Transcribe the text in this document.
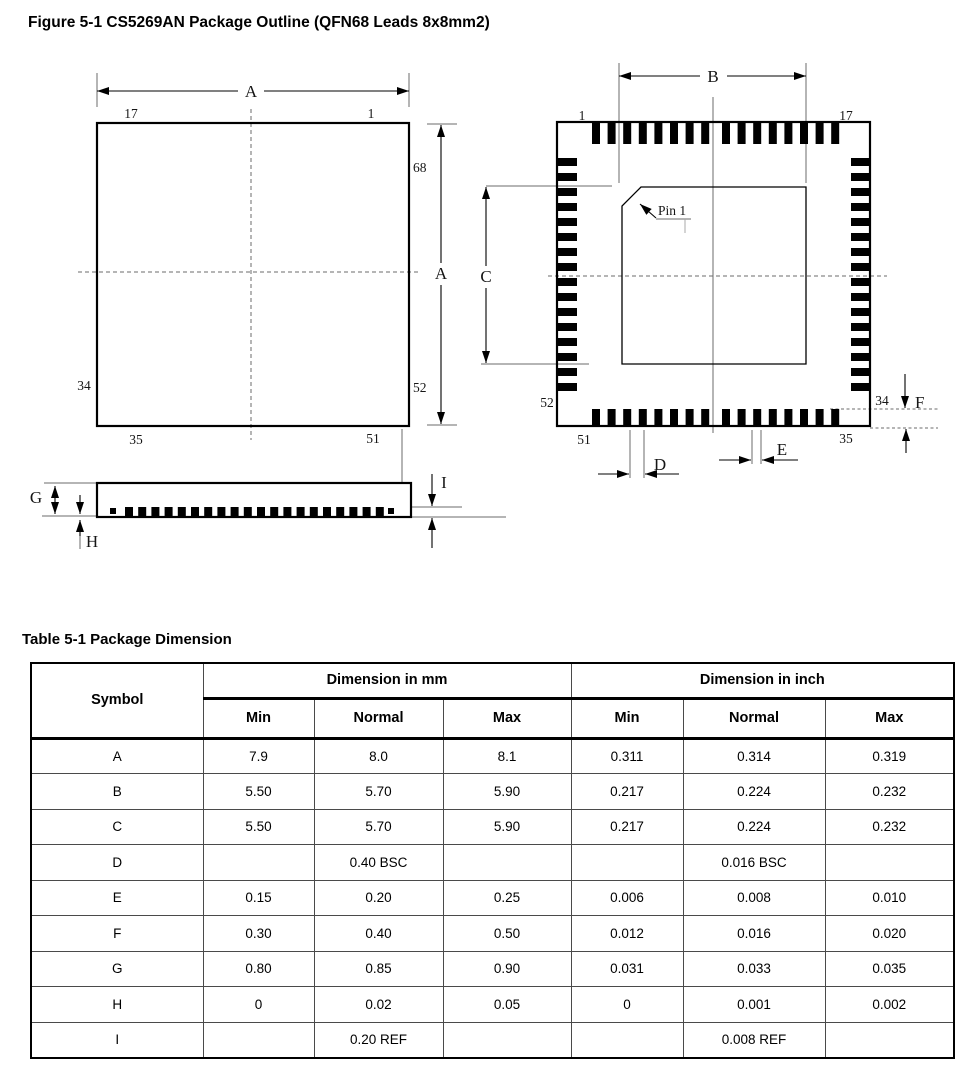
Figure 5-1 CS5269AN Package Outline (QFN68 Leads 8x8mm2)
A
A
17	1
68
52
34
35	51
G
H
I
Pin 1
B
C
D
E
F
1	17
52
51
34
35
Table 5-1 Package Dimension
Symbol	Dimension in mm			Dimension in inch		
	Min	Normal	Max	Min	Normal	Max
A	7.9	8.0	8.1	0.311	0.314	0.319
B	5.50	5.70	5.90	0.217	0.224	0.232
C	5.50	5.70	5.90	0.217	0.224	0.232
D		0.40 BSC			0.016 BSC	
E	0.15	0.20	0.25	0.006	0.008	0.010
F	0.30	0.40	0.50	0.012	0.016	0.020
G	0.80	0.85	0.90	0.031	0.033	0.035
H	0	0.02	0.05	0	0.001	0.002
I		0.20 REF			0.008 REF	
